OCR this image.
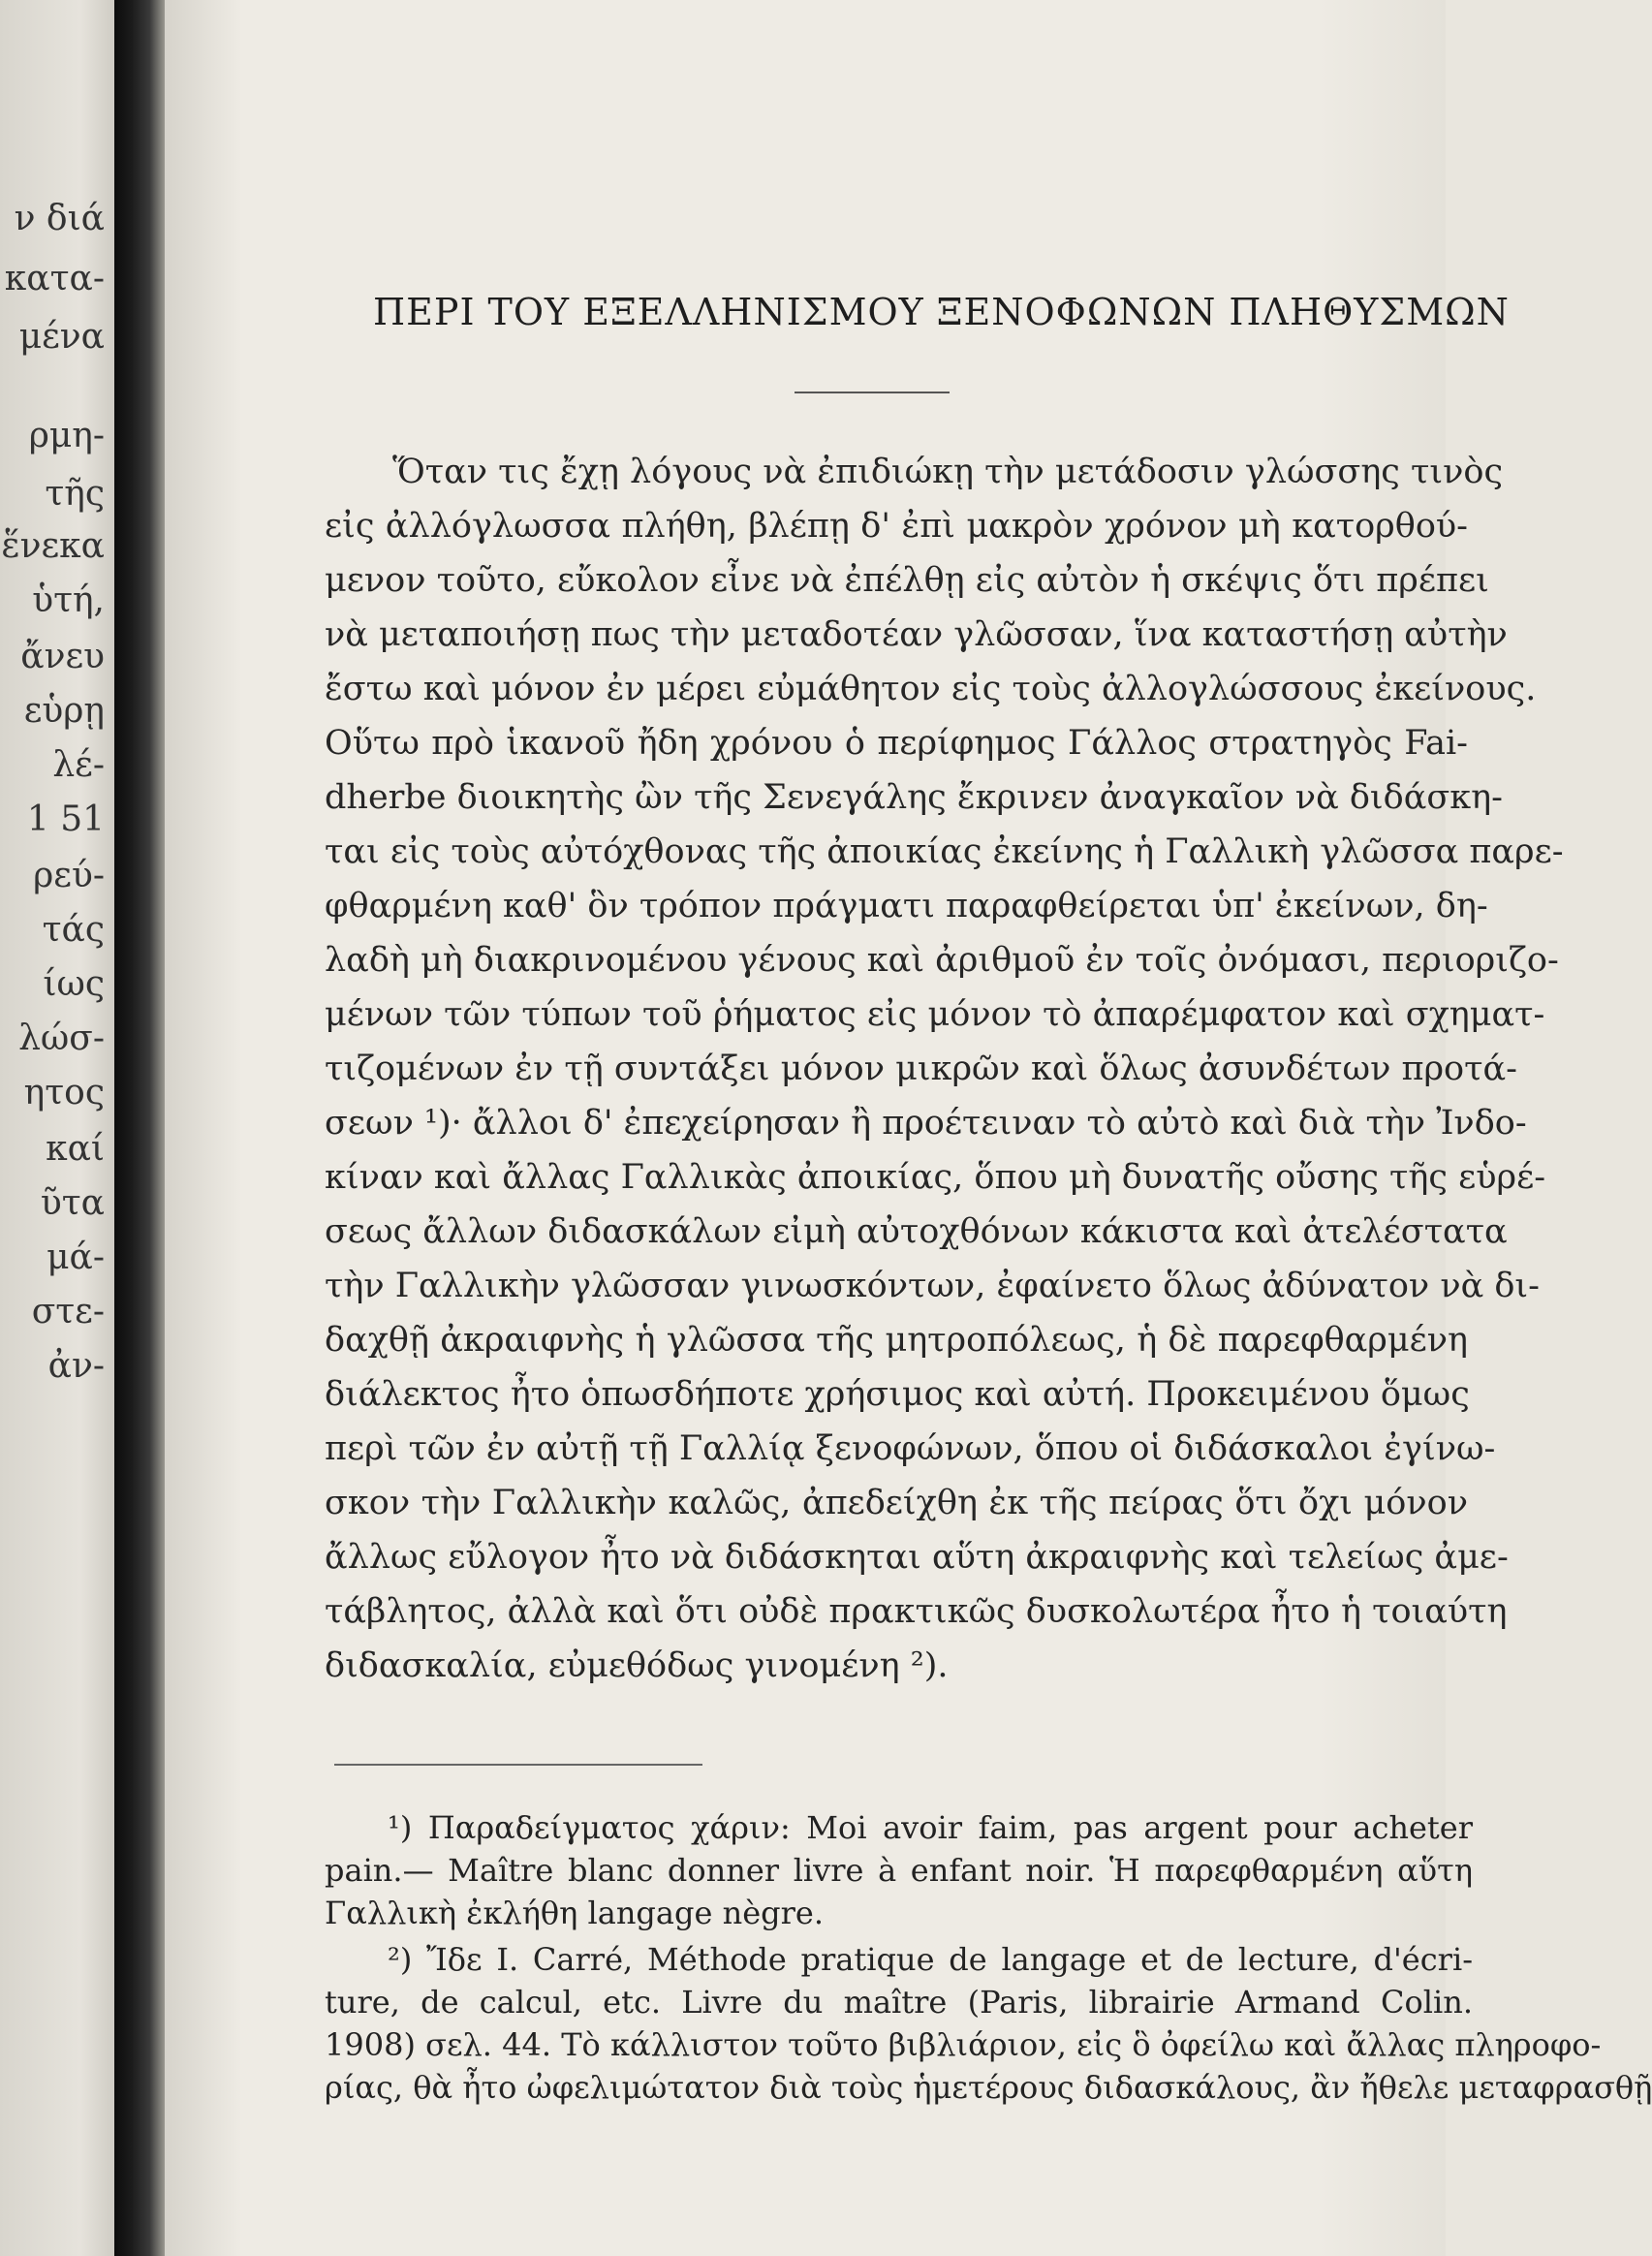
ν διά
κατα-
μένα
ρμη-
τῆς
ἕνεκα
ὑτή,
ἄνευ
εὑρῃ
λέ-
1 51
ρεύ-
τάς
ίως
λώσ-
ητος
καί
ῦτα
μά-
στε-
ἀν-
ΠΕΡΙ ΤΟΥ ΕΞΕΛΛΗΝΙΣΜΟΥ ΞΕΝΟΦΩΝΩΝ ΠΛΗΘΥΣΜΩΝ
Ὅταν τις ἔχῃ λόγους νὰ ἐπιδιώκῃ τὴν μετάδοσιν γλώσσης τινὸς
εἰς ἀλλόγλωσσα πλήθη, βλέπῃ δ' ἐπὶ μακρὸν χρόνον μὴ κατορθού-
μενον τοῦτο, εὔκολον εἶνε νὰ ἐπέλθῃ εἰς αὐτὸν ἡ σκέψις ὅτι πρέπει
νὰ μεταποιήσῃ πως τὴν μεταδοτέαν γλῶσσαν, ἵνα καταστήσῃ αὐτὴν
ἔστω καὶ μόνον ἐν μέρει εὐμάθητον εἰς τοὺς ἀλλογλώσσους ἐκείνους.
Οὕτω πρὸ ἱκανοῦ ἤδη χρόνου ὁ περίφημος Γάλλος στρατηγὸς Fai-
dherbe διοικητὴς ὢν τῆς Σενεγάλης ἔκρινεν ἀναγκαῖον νὰ διδάσκη-
ται εἰς τοὺς αὐτόχθονας τῆς ἀποικίας ἐκείνης ἡ Γαλλικὴ γλῶσσα παρε-
φθαρμένη καθ' ὃν τρόπον πράγματι παραφθείρεται ὑπ' ἐκείνων, δη-
λαδὴ μὴ διακρινομένου γένους καὶ ἀριθμοῦ ἐν τοῖς ὀνόμασι, περιοριζο-
μένων τῶν τύπων τοῦ ῥήματος εἰς μόνον τὸ ἀπαρέμφατον καὶ σχηματ-
τιζομένων ἐν τῇ συντάξει μόνον μικρῶν καὶ ὅλως ἀσυνδέτων προτά-
σεων ¹)· ἄλλοι δ' ἐπεχείρησαν ἢ προέτειναν τὸ αὐτὸ καὶ διὰ τὴν Ἰνδο-
κίναν καὶ ἄλλας Γαλλικὰς ἀποικίας, ὅπου μὴ δυνατῆς οὔσης τῆς εὑρέ-
σεως ἄλλων διδασκάλων εἰμὴ αὐτοχθόνων κάκιστα καὶ ἀτελέστατα
τὴν Γαλλικὴν γλῶσσαν γινωσκόντων, ἐφαίνετο ὅλως ἀδύνατον νὰ δι-
δαχθῇ ἀκραιφνὴς ἡ γλῶσσα τῆς μητροπόλεως, ἡ δὲ παρεφθαρμένη
διάλεκτος ἦτο ὁπωσδήποτε χρήσιμος καὶ αὐτή. Προκειμένου ὅμως
περὶ τῶν ἐν αὐτῇ τῇ Γαλλίᾳ ξενοφώνων, ὅπου οἱ διδάσκαλοι ἐγίνω-
σκον τὴν Γαλλικὴν καλῶς, ἀπεδείχθη ἐκ τῆς πείρας ὅτι ὄχι μόνον
ἄλλως εὔλογον ἦτο νὰ διδάσκηται αὕτη ἀκραιφνὴς καὶ τελείως ἀμε-
τάβλητος, ἀλλὰ καὶ ὅτι οὐδὲ πρακτικῶς δυσκολωτέρα ἦτο ἡ τοιαύτη
διδασκαλία, εὐμεθόδως γινομένη ²).
¹) Παραδείγματος χάριν: Moi avoir faim, pas argent pour acheter
pain.— Maître blanc donner livre à enfant noir. Ἡ παρεφθαρμένη αὕτη
Γαλλικὴ ἐκλήθη langage nègre.
²) Ἴδε I. Carré, Méthode pratique de langage et de lecture, d'écri-
ture, de calcul, etc. Livre du maître (Paris, librairie Armand Colin.
1908) σελ. 44. Τὸ κάλλιστον τοῦτο βιβλιάριον, εἰς ὃ ὀφείλω καὶ ἄλλας πληροφο-
ρίας, θὰ ἦτο ὠφελιμώτατον διὰ τοὺς ἡμετέρους διδασκάλους, ἂν ἤθελε μεταφρασθῇ
